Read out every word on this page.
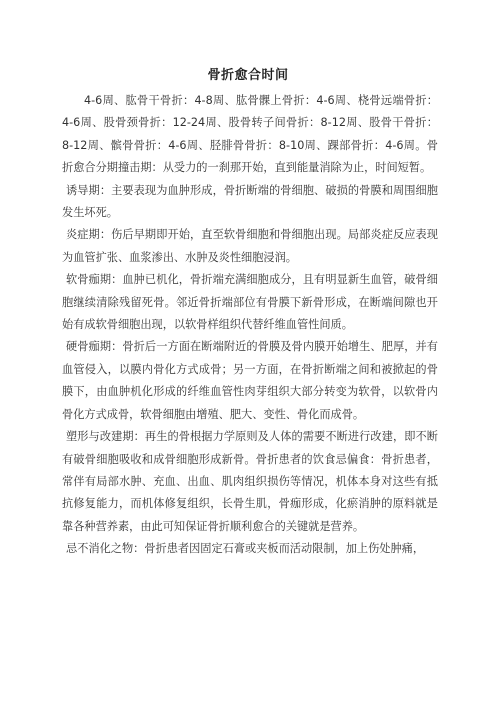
骨折愈合时间

4-6周、肱骨干骨折：4-8周、肱骨髁上骨折：4-6周、桡骨远端骨折：4-6周、股骨颈骨折：12-24周、股骨转子间骨折：8-12周、股骨干骨折：8-12周、髌骨骨折：4-6周、胫腓骨骨折：8-10周、踝部骨折：4-6周。骨折愈合分期撞击期：从受力的一刹那开始，直到能量消除为止，时间短暂。

诱导期：主要表现为血肿形成，骨折断端的骨细胞、破损的骨膜和周围细胞发生坏死。

炎症期：伤后早期即开始，直至软骨细胞和骨细胞出现。局部炎症反应表现为血管扩张、血浆渗出、水肿及炎性细胞浸润。

软骨痂期：血肿已机化，骨折端充满细胞成分，且有明显新生血管，破骨细胞继续清除残留死骨。邻近骨折端部位有骨膜下新骨形成，在断端间隙也开始有成软骨细胞出现，以软骨样组织代替纤维血管性间质。

硬骨痂期：骨折后一方面在断端附近的骨膜及骨内膜开始增生、肥厚，并有血管侵入，以膜内骨化方式成骨；另一方面，在骨折断端之间和被掀起的骨膜下，由血肿机化形成的纤维血管性肉芽组织大部分转变为软骨，以软骨内骨化方式成骨，软骨细胞由增殖、肥大、变性、骨化而成骨。

塑形与改建期：再生的骨根据力学原则及人体的需要不断进行改建，即不断有破骨细胞吸收和成骨细胞形成新骨。骨折患者的饮食忌偏食：骨折患者，常伴有局部水肿、充血、出血、肌肉组织损伤等情况，机体本身对这些有抵抗修复能力，而机体修复组织，长骨生肌，骨痂形成，化瘀消肿的原料就是靠各种营养素，由此可知保证骨折顺利愈合的关键就是营养。

忌不消化之物：骨折患者因固定石膏或夹板而活动限制，加上伤处肿痛，
